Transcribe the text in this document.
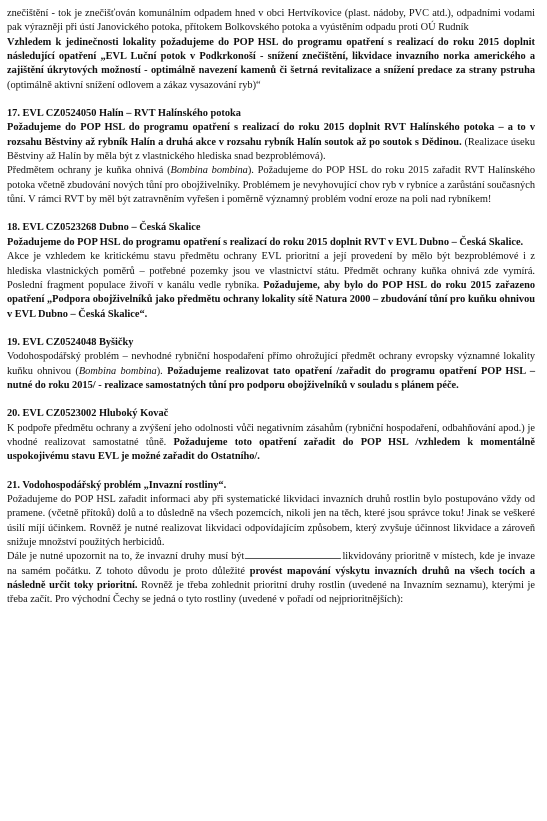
znečištění - tok je znečišťován komunálním odpadem hned v obci Hertvíkovice (plast. nádoby, PVC atd.), odpadními vodami pak výrazněji při ústí Janovického potoka, přítokem Bolkovského potoka a vyústěním odpadu proti OÚ Rudník
Vzhledem k jedinečnosti lokality požadujeme do POP HSL do programu opatření s realizací do roku 2015 doplnit následující opatření „EVL Luční potok v Podkrkonoší - snížení znečištění, likvidace invazního norka amerického a zajištění úkrytových možností - optimálně navezení kamenů či šetrná revitalizace a snížení predace za strany pstruha (optimálně aktivní snížení odlovem a zákaz vysazování ryb)“

17. EVL CZ0524050 Halín – RVT Halínského potoka

Požadujeme do POP HSL do programu opatření s realizací do roku 2015 doplnit RVT Halínského potoka – a to v rozsahu Běstviny až rybník Halín a druhá akce v rozsahu rybník Halín soutok až po soutok s Dědinou. (Realizace úseku Běstviny až Halín by měla být z vlastnického hlediska snad bezproblémová).

Předmětem ochrany je kuňka ohnivá (Bombina bombina). Požadujeme do POP HSL do roku 2015 zařadit RVT Halínského potoka včetně zbudování nových tůní pro obojživelníky. Problémem je nevyhovující chov ryb v rybníce a zarůstání současných tůní. V rámci RVT by měl být zatravněním vyřešen i poměrně významný problém vodní eroze na poli nad rybníkem!

18. EVL CZ0523268 Dubno – Česká Skalice

Požadujeme do POP HSL do programu opatření s realizací do roku 2015 doplnit RVT v EVL Dubno – Česká Skalice.

Akce je vzhledem ke kritickému stavu předmětu ochrany EVL prioritní a její provedení by mělo být bezproblémové i z hlediska vlastnických poměrů – potřebné pozemky jsou ve vlastnictví státu. Předmět ochrany kuňka ohnivá zde vymírá. Poslední fragment populace živoří v kanálu vedle rybníka. Požadujeme, aby bylo do POP HSL do roku 2015 zařazeno opatření „Podpora obojživelníků jako předmětu ochrany lokality sítě Natura 2000 – zbudování tůní pro kuňku ohnivou v EVL Dubno – Česká Skalice“.

19. EVL CZ0524048 Byšičky

Vodohospodářský problém – nevhodné rybniční hospodaření přímo ohrožující předmět ochrany evropsky významné lokality kuňku ohnivou (Bombina bombina). Požadujeme realizovat tato opatření /zařadit do programu opatření POP HSL – nutné do roku 2015/ - realizace samostatných tůní pro podporu obojživelníků v souladu s plánem péče.

20. EVL CZ0523002 Hluboký Kovač

K podpoře předmětu ochrany a zvýšení jeho odolnosti vůči negativním zásahům (rybniční hospodaření, odbahňování apod.) je vhodné realizovat samostatné tůně. Požadujeme toto opatření zařadit do POP HSL /vzhledem k momentálně uspokojivému stavu EVL je možné zařadit do Ostatního/.

21. Vodohospodářský problém „Invazní rostliny“.

Požadujeme do POP HSL zařadit informaci aby při systematické likvidaci invazních druhů rostlin bylo postupováno vždy od pramene. (včetně přítoků) dolů a to důsledně na všech pozemcích, nikoli jen na těch, které jsou správce toku! Jinak se veškeré úsilí míjí účinkem. Rovněž je nutné realizovat likvidaci odpovídajícím způsobem, který zvyšuje účinnost likvidace a zároveň snižuje množství použitých herbicidů.

Dále je nutné upozornit na to, že invazní druhy musí být	likvidovány prioritně v místech, kde je invaze na samém počátku. Z tohoto důvodu je proto důležité provést mapování výskytu invazních druhů na všech tocích a následně určit toky prioritní. Rovněž je třeba zohlednit prioritní druhy rostlin (uvedené na Invazním seznamu), kterými je třeba začít. Pro východní Čechy se jedná o tyto rostliny (uvedené v pořadí od nejprioritnějších):
